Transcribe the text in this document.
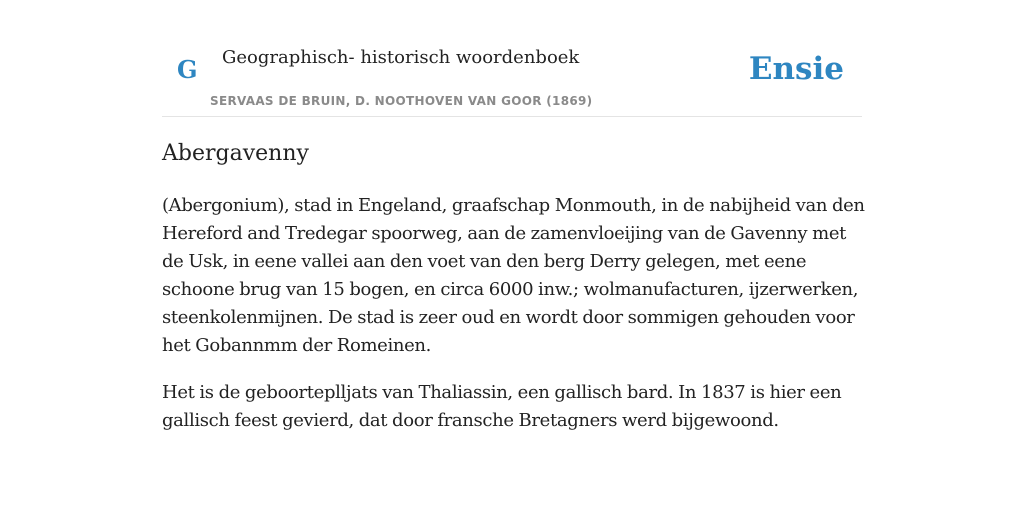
G Geographisch- historisch woordenboek
SERVAAS DE BRUIN, D. NOOTHOVEN VAN GOOR (1869)
Ensie
Abergavenny

(Abergonium), stad in Engeland, graafschap Monmouth, in de nabijheid van den Hereford and Tredegar spoorweg, aan de zamenvloeijing van de Gavenny met de Usk, in eene vallei aan den voet van den berg Derry gelegen, met eene schoone brug van 15 bogen, en circa 6000 inw.; wolmanufacturen, ijzerwerken, steenkolenmijnen. De stad is zeer oud en wordt door sommigen gehouden voor het Gobannmm der Romeinen.

Het is de geboorteplljats van Thaliassin, een gallisch bard. In 1837 is hier een gallisch feest gevierd, dat door fransche Bretagners werd bijgewoond.
